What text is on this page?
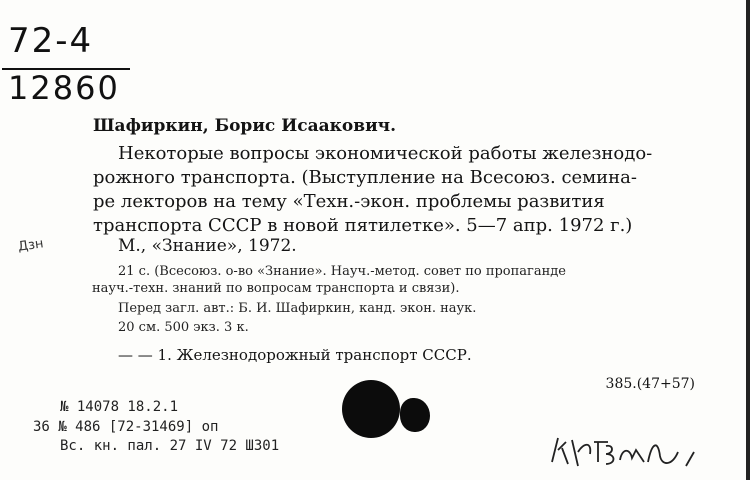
72-4
12860
Дзн
Шафиркин, Борис Исаакович.
Некоторые вопросы экономической работы железнодо-
рожного транспорта. (Выступление на Всесоюз. семина-
ре лекторов на тему «Техн.-экон. проблемы развития
транспорта СССР в новой пятилетке». 5—7 апр. 1972 г.)
М., «Знание», 1972.
21 с. (Всесоюз. о-во «Знание». Науч.-метод. совет по пропаганде
науч.-техн. знаний по вопросам транспорта и связи).
Перед загл. авт.: Б. И. Шафиркин, канд. экон. наук.
20 см. 500 экз. 3 к.
— — 1. Железнодорожный транспорт СССР.
385.(47+57)
№ 14078 18.2.1
36 № 486 [72-31469] оп
Вс. кн. пал. 27 IV 72 Ш301
